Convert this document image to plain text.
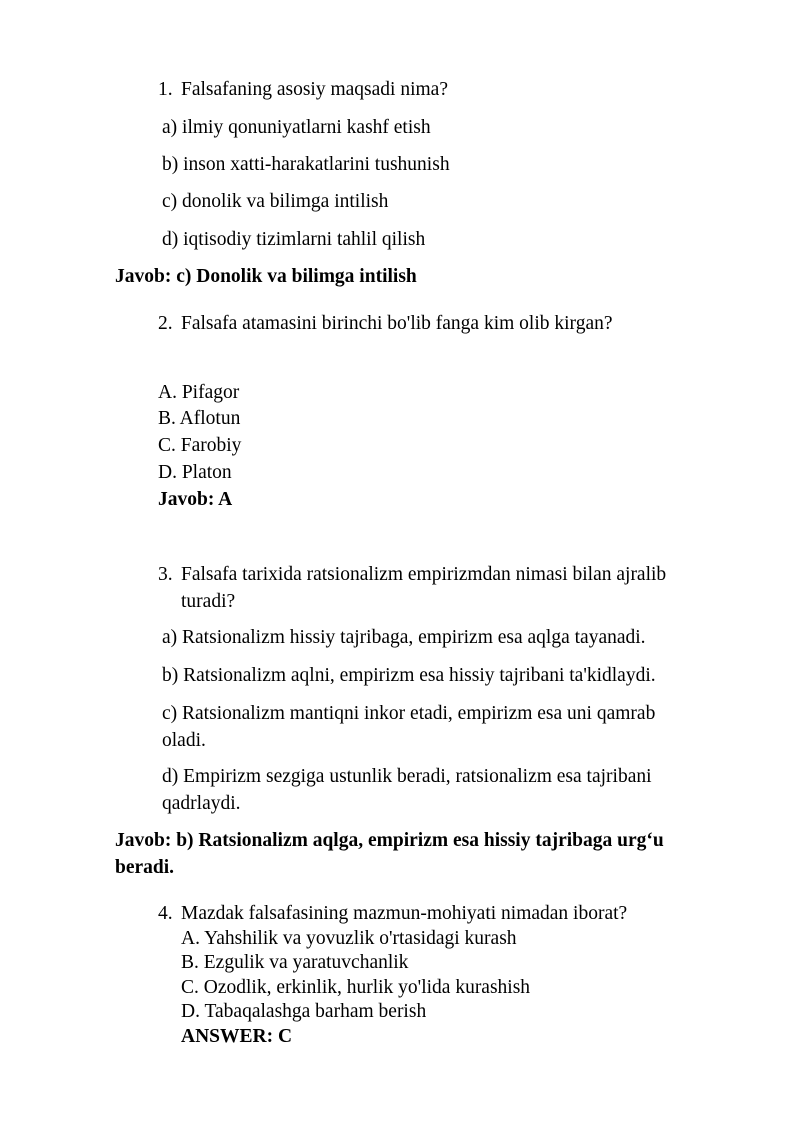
1. Falsafaning asosiy maqsadi nima?
a) ilmiy qonuniyatlarni kashf etish
b) inson xatti-harakatlarini tushunish
c) donolik va bilimga intilish
d) iqtisodiy tizimlarni tahlil qilish
Javob: c) Donolik va bilimga intilish
2. Falsafa atamasini birinchi bo'lib fanga kim olib kirgan?
A. Pifagor
B. Aflotun
C. Farobiy
D. Platon
Javob: A
3. Falsafa tarixida ratsionalizm empirizmdan nimasi bilan ajralib
turadi?
a) Ratsionalizm hissiy tajribaga, empirizm esa aqlga tayanadi.
b) Ratsionalizm aqlni, empirizm esa hissiy tajribani ta'kidlaydi.
c) Ratsionalizm mantiqni inkor etadi, empirizm esa uni qamrab
oladi.
d) Empirizm sezgiga ustunlik beradi, ratsionalizm esa tajribani
qadrlaydi.
Javob: b) Ratsionalizm aqlga, empirizm esa hissiy tajribaga urg‘u
beradi.
4. Mazdak falsafasining mazmun-mohiyati nimadan iborat?
A. Yahshilik va yovuzlik o'rtasidagi kurash
B. Ezgulik va yaratuvchanlik
C. Ozodlik, erkinlik, hurlik yo'lida kurashish
D. Tabaqalashga barham berish
ANSWER: C
